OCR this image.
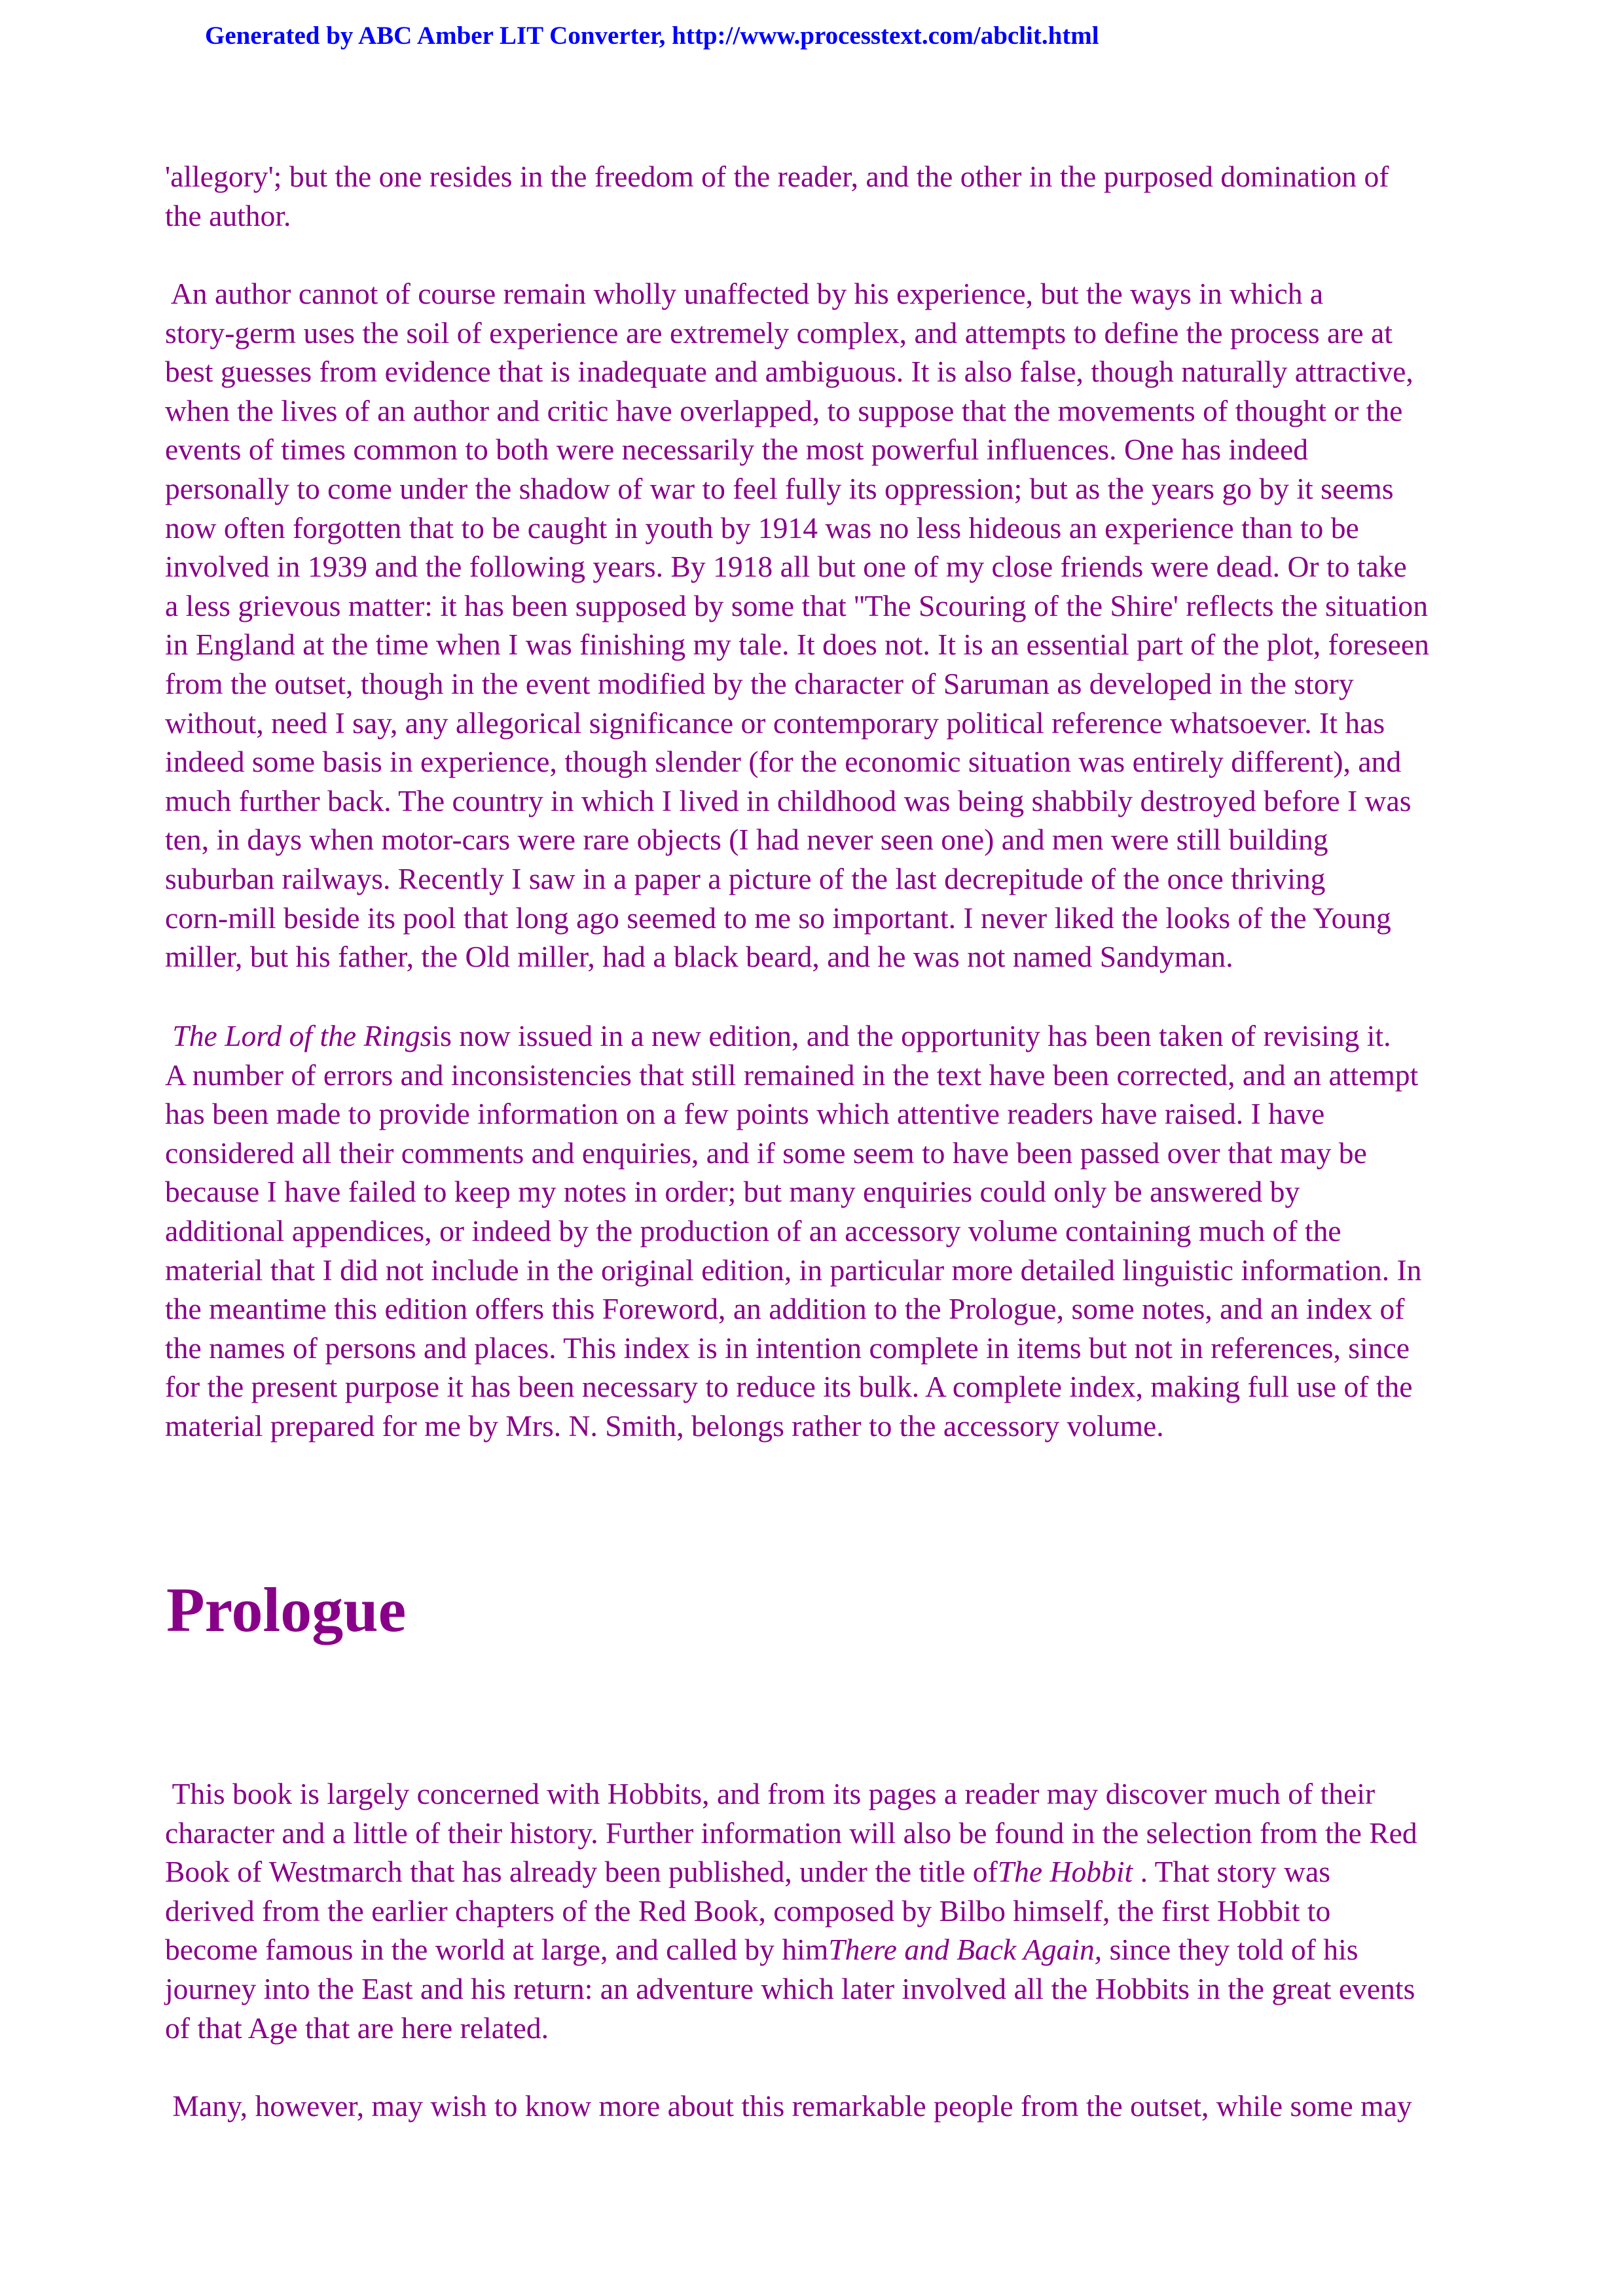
Generated by ABC Amber LIT Converter, http://www.processtext.com/abclit.html
'allegory'; but the one resides in the freedom of the reader, and the other in the purposed domination of
the author.
An author cannot of course remain wholly unaffected by his experience, but the ways in which a
story-germ uses the soil of experience are extremely complex, and attempts to define the process are at
best guesses from evidence that is inadequate and ambiguous. It is also false, though naturally attractive,
when the lives of an author and critic have overlapped, to suppose that the movements of thought or the
events of times common to both were necessarily the most powerful influences. One has indeed
personally to come under the shadow of war to feel fully its oppression; but as the years go by it seems
now often forgotten that to be caught in youth by 1914 was no less hideous an experience than to be
involved in 1939 and the following years. By 1918 all but one of my close friends were dead. Or to take
a less grievous matter: it has been supposed by some that ''The Scouring of the Shire' reflects the situation
in England at the time when I was finishing my tale. It does not. It is an essential part of the plot, foreseen
from the outset, though in the event modified by the character of Saruman as developed in the story
without, need I say, any allegorical significance or contemporary political reference whatsoever. It has
indeed some basis in experience, though slender (for the economic situation was entirely different), and
much further back. The country in which I lived in childhood was being shabbily destroyed before I was
ten, in days when motor-cars were rare objects (I had never seen one) and men were still building
suburban railways. Recently I saw in a paper a picture of the last decrepitude of the once thriving
corn-mill beside its pool that long ago seemed to me so important. I never liked the looks of the Young
miller, but his father, the Old miller, had a black beard, and he was not named Sandyman.
The Lord of the Ringsis now issued in a new edition, and the opportunity has been taken of revising it.
A number of errors and inconsistencies that still remained in the text have been corrected, and an attempt
has been made to provide information on a few points which attentive readers have raised. I have
considered all their comments and enquiries, and if some seem to have been passed over that may be
because I have failed to keep my notes in order; but many enquiries could only be answered by
additional appendices, or indeed by the production of an accessory volume containing much of the
material that I did not include in the original edition, in particular more detailed linguistic information. In
the meantime this edition offers this Foreword, an addition to the Prologue, some notes, and an index of
the names of persons and places. This index is in intention complete in items but not in references, since
for the present purpose it has been necessary to reduce its bulk. A complete index, making full use of the
material prepared for me by Mrs. N. Smith, belongs rather to the accessory volume.
Prologue
This book is largely concerned with Hobbits, and from its pages a reader may discover much of their
character and a little of their history. Further information will also be found in the selection from the Red
Book of Westmarch that has already been published, under the title ofThe Hobbit . That story was
derived from the earlier chapters of the Red Book, composed by Bilbo himself, the first Hobbit to
become famous in the world at large, and called by himThere and Back Again, since they told of his
journey into the East and his return: an adventure which later involved all the Hobbits in the great events
of that Age that are here related.
Many, however, may wish to know more about this remarkable people from the outset, while some may
